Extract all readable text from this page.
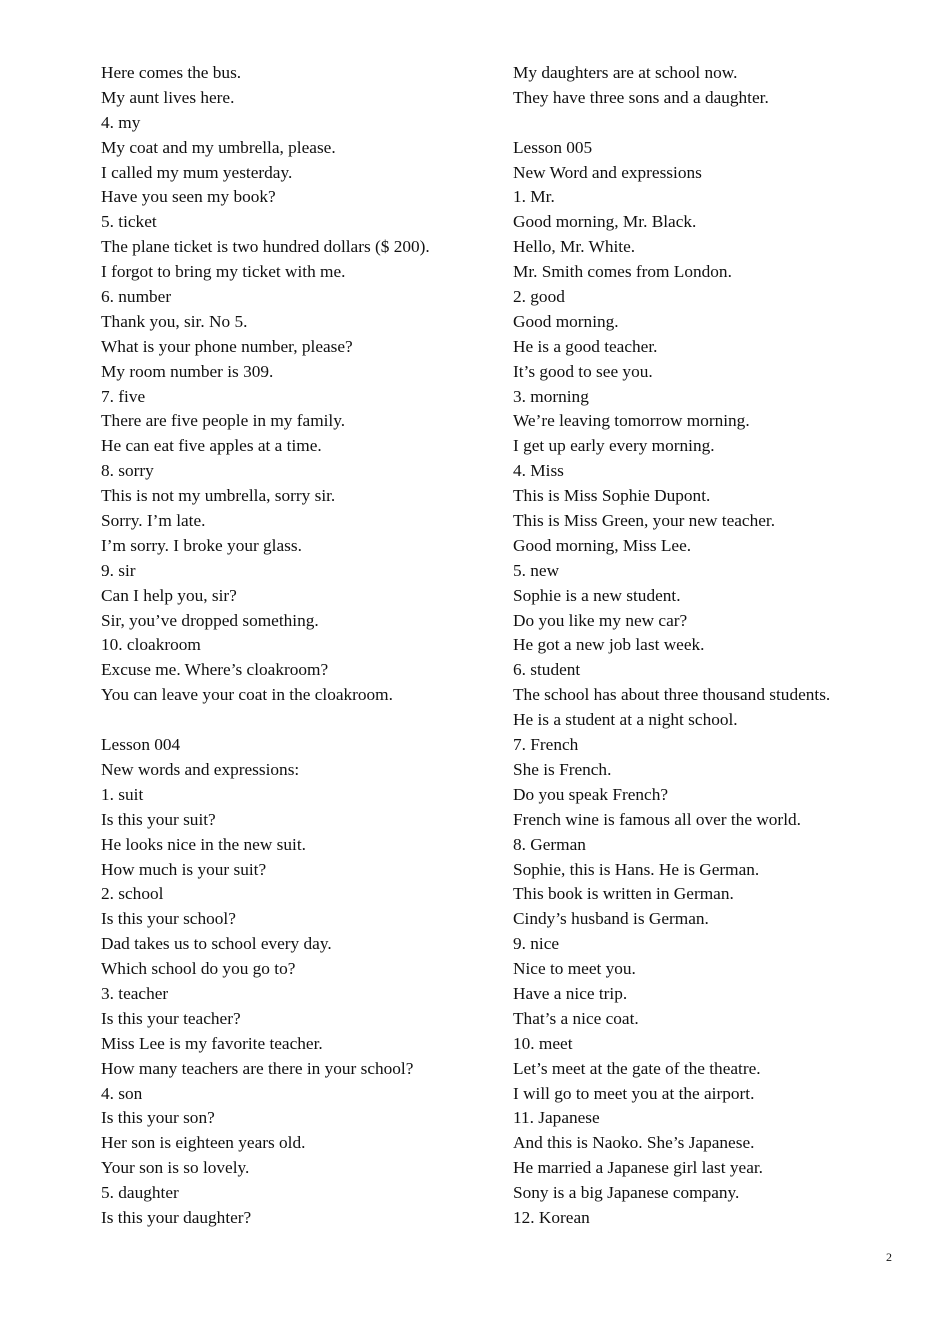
Here comes the bus.
My aunt lives here.
4. my
My coat and my umbrella, please.
I called my mum yesterday.
Have you seen my book?
5. ticket
The plane ticket is two hundred dollars ($ 200).
I forgot to bring my ticket with me.
6. number
Thank you, sir. No 5.
What is your phone number, please?
My room number is 309.
7. five
There are five people in my family.
He can eat five apples at a time.
8. sorry
This is not my umbrella, sorry sir.
Sorry. I’m late.
I’m sorry. I broke your glass.
9. sir
Can I help you, sir?
Sir, you’ve dropped something.
10. cloakroom
Excuse me. Where’s cloakroom?
You can leave your coat in the cloakroom.
Lesson 004
New words and expressions:
1. suit
Is this your suit?
He looks nice in the new suit.
How much is your suit?
2. school
Is this your school?
Dad takes us to school every day.
Which school do you go to?
3. teacher
Is this your teacher?
Miss Lee is my favorite teacher.
How many teachers are there in your school?
4. son
Is this your son?
Her son is eighteen years old.
Your son is so lovely.
5. daughter
Is this your daughter?
My daughters are at school now.
They have three sons and a daughter.
Lesson 005
New Word and expressions
1. Mr.
Good morning, Mr. Black.
Hello, Mr. White.
Mr. Smith comes from London.
2. good
Good morning.
He is a good teacher.
It’s good to see you.
3. morning
We’re leaving tomorrow morning.
I get up early every morning.
4. Miss
This is Miss Sophie Dupont.
This is Miss Green, your new teacher.
Good morning, Miss Lee.
5. new
Sophie is a new student.
Do you like my new car?
He got a new job last week.
6. student
The school has about three thousand students.
He is a student at a night school.
7. French
She is French.
Do you speak French?
French wine is famous all over the world.
8. German
Sophie, this is Hans. He is German.
This book is written in German.
Cindy’s husband is German.
9. nice
Nice to meet you.
Have a nice trip.
That’s a nice coat.
10. meet
Let’s meet at the gate of the theatre.
I will go to meet you at the airport.
11. Japanese
And this is Naoko. She’s Japanese.
He married a Japanese girl last year.
Sony is a big Japanese company.
12. Korean
2
